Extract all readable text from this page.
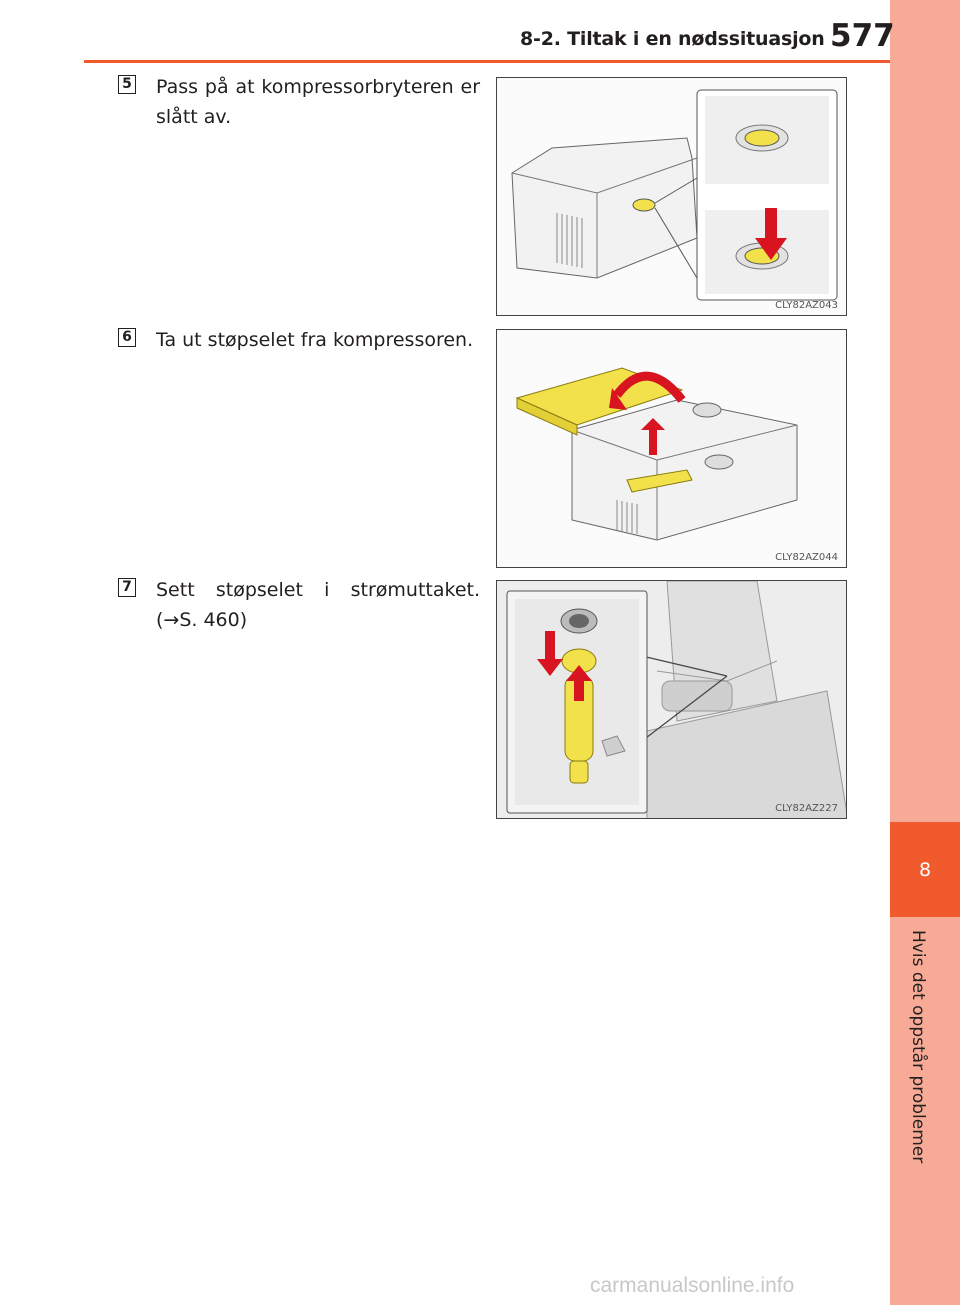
8
Hvis det oppstår problemer
8-2. Tiltak i en nødssituasjon 577
5 Pass på at kompressorbryteren er slått av.
CLY82AZ043
6 Ta ut støpselet fra kompressoren.
CLY82AZ044
7 Sett støpselet i strømuttaket. (→S. 460)
CLY82AZ227
carmanualsonline.info
